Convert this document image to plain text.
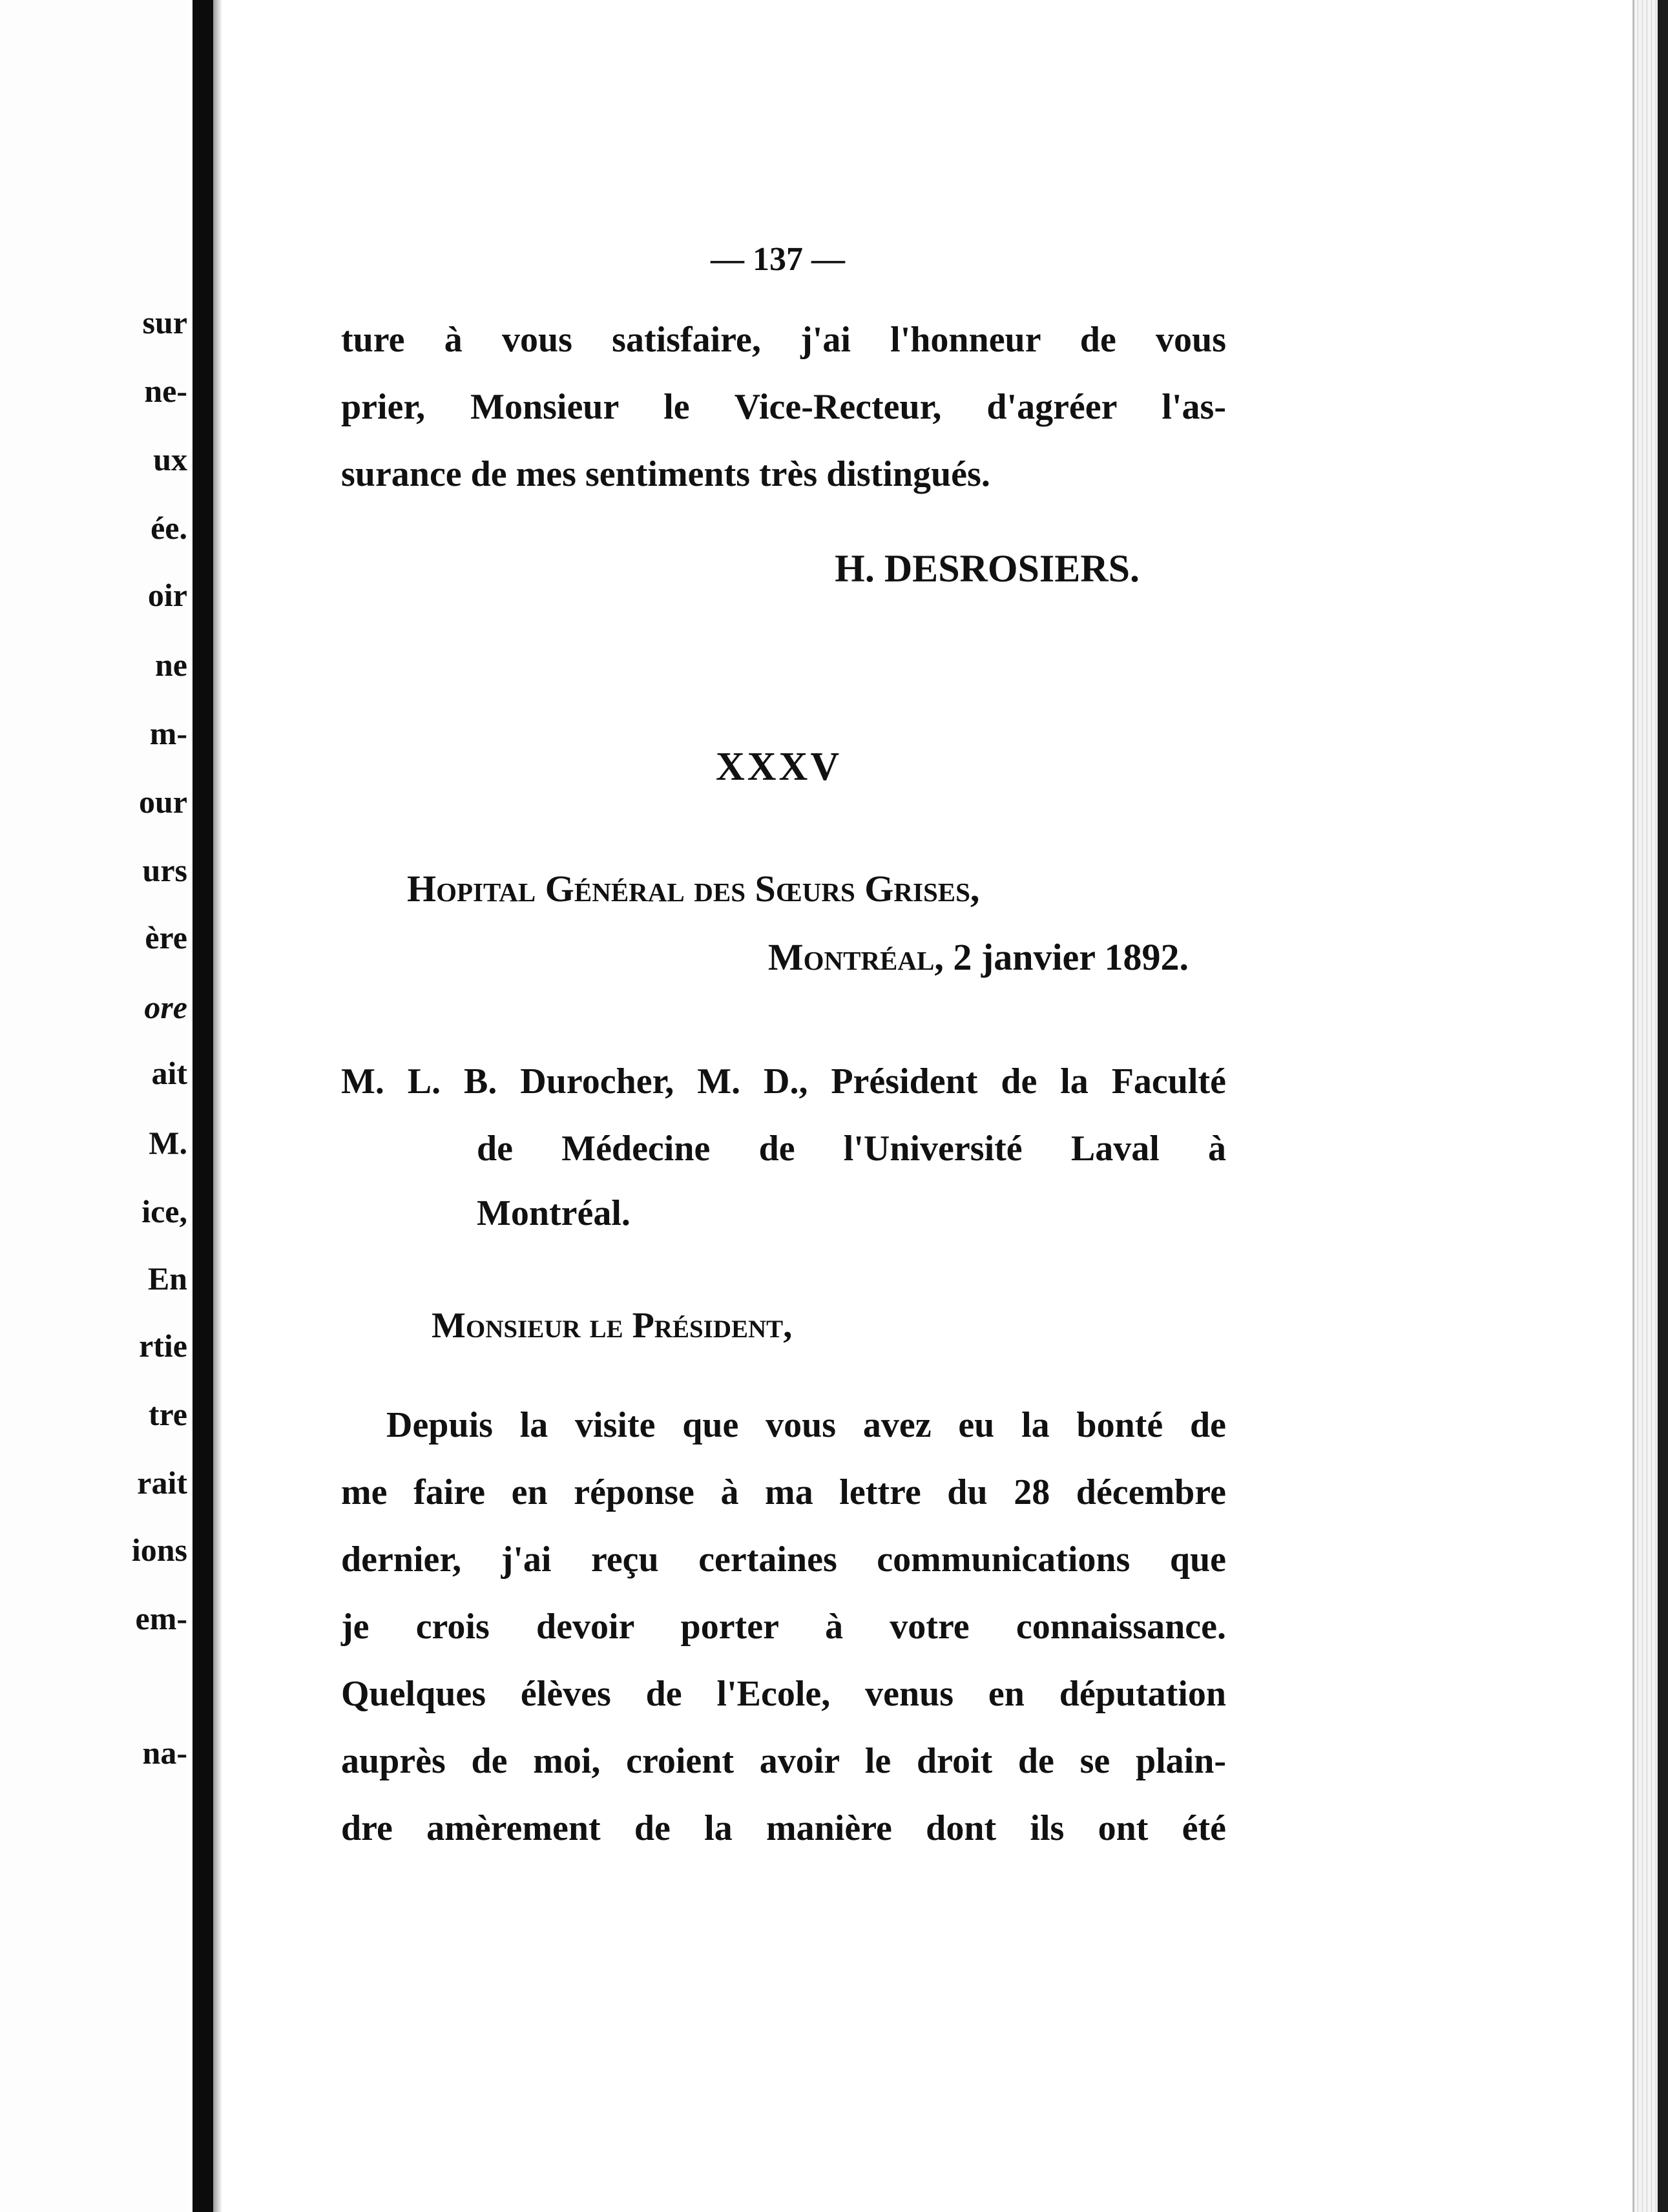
sur
ne-
ux
ée.
oir
ne
m-
our
urs
ère
ore
ait
M.
ice,
En
rtie
tre
rait
ions
em-
na-
— 137 —
ture à vous satisfaire, j'ai l'honneur de vous
prier, Monsieur le Vice-Recteur, d'agréer l'as-
surance de mes sentiments très distingués.
H. DESROSIERS.
XXXV
Hopital Général des Sœurs Grises,
Montréal, 2 janvier 1892.
M. L. B. Durocher, M. D., Président de la Faculté
de Médecine de l'Université Laval à
Montréal.
Monsieur le Président,
Depuis la visite que vous avez eu la bonté de
me faire en réponse à ma lettre du 28 décembre
dernier, j'ai reçu certaines communications que
je crois devoir porter à votre connaissance.
Quelques élèves de l'Ecole, venus en députation
auprès de moi, croient avoir le droit de se plain-
dre amèrement de la manière dont ils ont été
